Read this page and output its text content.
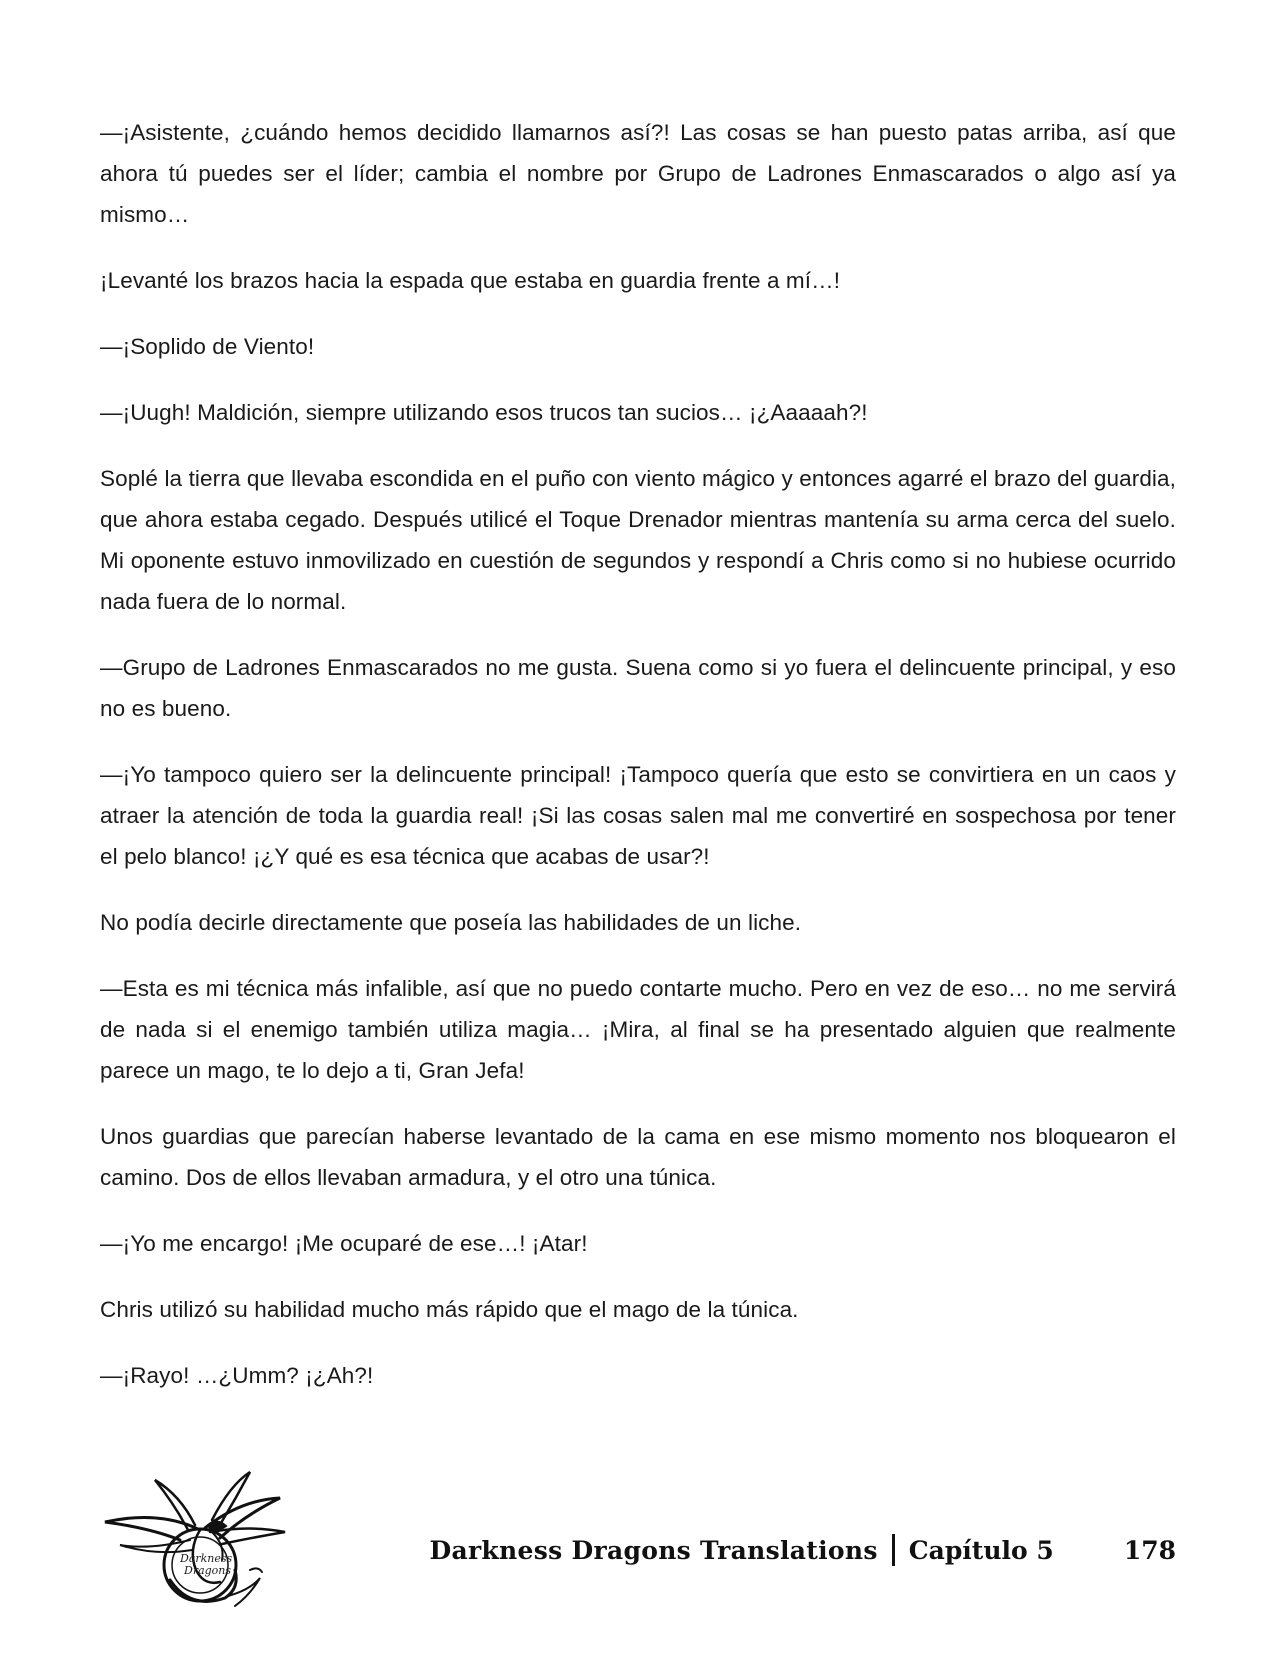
—¡Asistente, ¿cuándo hemos decidido llamarnos así?! Las cosas se han puesto patas arriba, así que ahora tú puedes ser el líder; cambia el nombre por Grupo de Ladrones Enmascarados o algo así ya mismo…

¡Levanté los brazos hacia la espada que estaba en guardia frente a mí…!

—¡Soplido de Viento!

—¡Uugh! Maldición, siempre utilizando esos trucos tan sucios… ¡¿Aaaaah?!

Soplé la tierra que llevaba escondida en el puño con viento mágico y entonces agarré el brazo del guardia, que ahora estaba cegado. Después utilicé el Toque Drenador mientras mantenía su arma cerca del suelo. Mi oponente estuvo inmovilizado en cuestión de segundos y respondí a Chris como si no hubiese ocurrido nada fuera de lo normal.

—Grupo de Ladrones Enmascarados no me gusta. Suena como si yo fuera el delincuente principal, y eso no es bueno.

—¡Yo tampoco quiero ser la delincuente principal! ¡Tampoco quería que esto se convirtiera en un caos y atraer la atención de toda la guardia real! ¡Si las cosas salen mal me convertiré en sospechosa por tener el pelo blanco! ¡¿Y qué es esa técnica que acabas de usar?!

No podía decirle directamente que poseía las habilidades de un liche.

—Esta es mi técnica más infalible, así que no puedo contarte mucho. Pero en vez de eso… no me servirá de nada si el enemigo también utiliza magia… ¡Mira, al final se ha presentado alguien que realmente parece un mago, te lo dejo a ti, Gran Jefa!

Unos guardias que parecían haberse levantado de la cama en ese mismo momento nos bloquearon el camino. Dos de ellos llevaban armadura, y el otro una túnica.

—¡Yo me encargo! ¡Me ocuparé de ese…! ¡Atar!

Chris utilizó su habilidad mucho más rápido que el mago de la túnica.

—¡Rayo! …¿Umm? ¡¿Ah?!

Darkness
Dragons
Darkness Dragons Translations Capítulo 5	178
